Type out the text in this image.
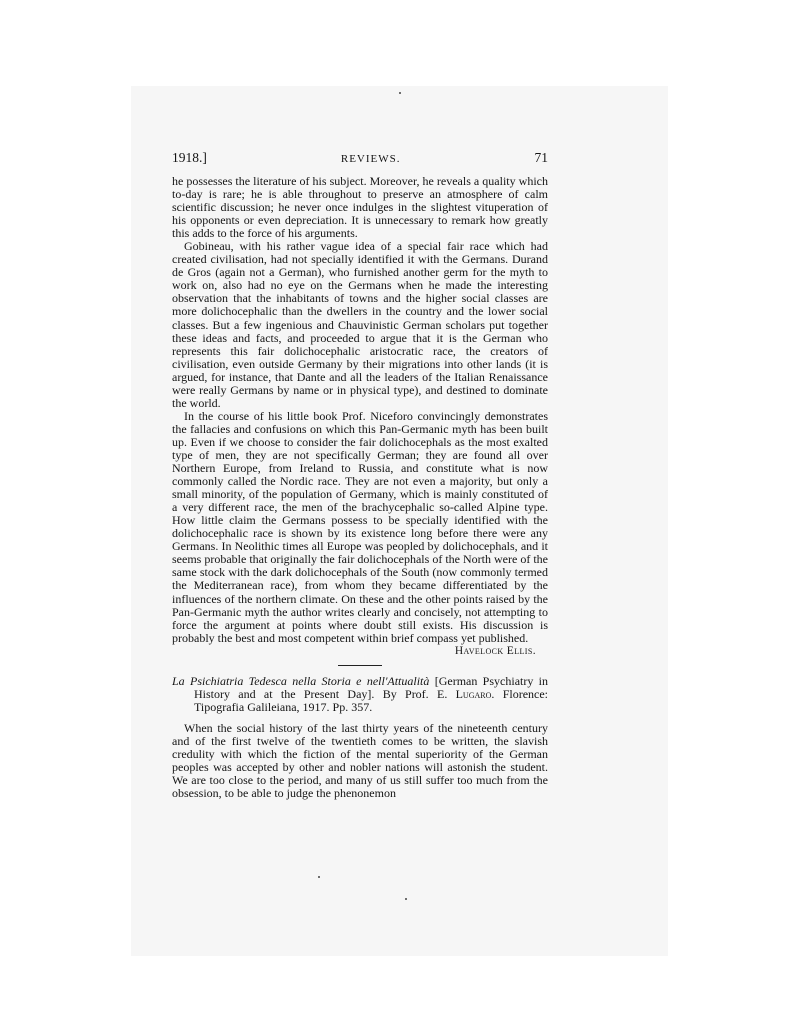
1918.]	REVIEWS.	71

he possesses the literature of his subject. Moreover, he reveals a quality which to-day is rare; he is able throughout to preserve an atmosphere of calm scientific discussion; he never once indulges in the slightest vituperation of his opponents or even depreciation. It is unnecessary to remark how greatly this adds to the force of his arguments.

Gobineau, with his rather vague idea of a special fair race which had created civilisation, had not specially identified it with the Germans. Durand de Gros (again not a German), who furnished another germ for the myth to work on, also had no eye on the Germans when he made the interesting observation that the inhabitants of towns and the higher social classes are more dolichocephalic than the dwellers in the country and the lower social classes. But a few ingenious and Chauvinistic German scholars put together these ideas and facts, and proceeded to argue that it is the German who represents this fair dolichocephalic aristocratic race, the creators of civilisation, even outside Germany by their migrations into other lands (it is argued, for instance, that Dante and all the leaders of the Italian Renaissance were really Germans by name or in physical type), and destined to dominate the world.

In the course of his little book Prof. Niceforo convincingly demonstrates the fallacies and confusions on which this Pan-Germanic myth has been built up. Even if we choose to consider the fair dolichocephals as the most exalted type of men, they are not specifically German; they are found all over Northern Europe, from Ireland to Russia, and constitute what is now commonly called the Nordic race. They are not even a majority, but only a small minority, of the population of Germany, which is mainly constituted of a very different race, the men of the brachycephalic so-called Alpine type. How little claim the Germans possess to be specially identified with the dolichocephalic race is shown by its existence long before there were any Germans. In Neolithic times all Europe was peopled by dolichocephals, and it seems probable that originally the fair dolichocephals of the North were of the same stock with the dark dolichocephals of the South (now commonly termed the Mediterranean race), from whom they became differentiated by the influences of the northern climate. On these and the other points raised by the Pan-Germanic myth the author writes clearly and concisely, not attempting to force the argument at points where doubt still exists. His discussion is probably the best and most competent within brief compass yet published.

Havelock Ellis.
La Psichiatria Tedesca nella Storia e nell'Attualità [German Psychiatry in History and at the Present Day]. By Prof. E. Lugaro. Florence: Tipografia Galileiana, 1917. Pp. 357.

When the social history of the last thirty years of the nineteenth century and of the first twelve of the twentieth comes to be written, the slavish credulity with which the fiction of the mental superiority of the German peoples was accepted by other and nobler nations will astonish the student. We are too close to the period, and many of us still suffer too much from the obsession, to be able to judge the phenonemon
